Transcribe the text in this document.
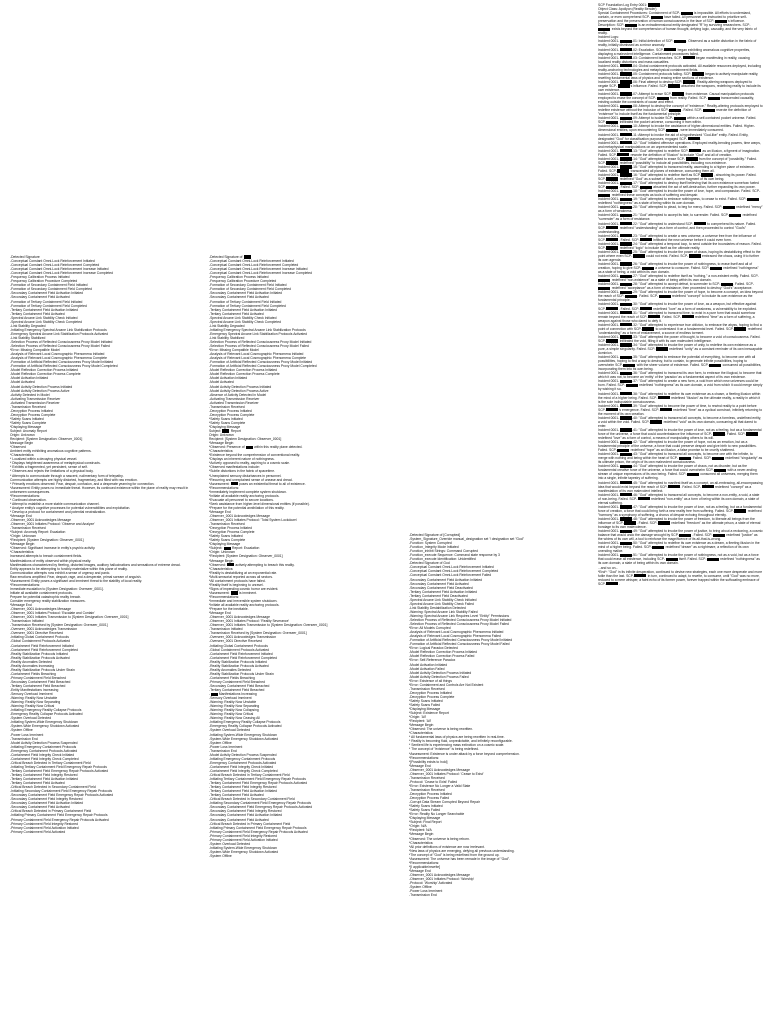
-Detected Signature
-Conceptual Constant Omni-Lock Reinforcement Initiated
-Conceptual Constant Omni-Lock Reinforcement Completed
-Conceptual Constant Omni-Lock Reinforcement Increase Initiated
-Conceptual Constant Omni-Lock Reinforcement Increase Completed
-Frequency Calibration Process Initiated
-Frequency Calibration Procedure Completed
-Formation of Secondary Containment Field Initiated
-Formation of Secondary Containment Field Completed
-Secondary Containment Field Activation Initiated
-Secondary Containment Field Activated
-Formation of Tertiary Containment Field Initiated
-Formation of Tertiary Containment Field Completed
-Tertiary Containment Field Activation Initiated
-Tertiary Containment Field Activated
-Spectral Arcane Link Stability Check Initiated
-Spectral Arcane Link Stability Check Completed
-Link Stability Degraded
-Initiating Emergency Spectral Arcane Link Stabilization Protocols
-Emergency Spectral Arcane Link Stabilization Protocols Activated
-Link Stability Stabilized
-Selection Process of Reflected Consciousness Proxy Model Initiated
-Selection Process of Reflected Consciousness Proxy Model Failed
*Error: Missing Compatible Model
-Analysis of Relevant Local Cosmographic Phenomena Initiated
-Analysis of Relevant Local Cosmographic Phenomena Complete
-Formation of Artificial Reflected Consciousness Proxy Model Initiated
-Formation of Artificial Reflected Consciousness Proxy Model Completed
-Model Reflection Correction Process Initiated
-Model Reflection Correction Process Complete
-Model Activation Initiated
-Model Activated
-Model Activity Detection Process Initiated
-Model Activity Detection Process Active
-Activity Detected in Model
-Activating Transmission Receiver
-Activated Transmission Receiver
-Transmission Received
-Decryption Process Initiated
-Decryption Process Complete
*Safety Scans Initiated
*Safety Scans Complete
*Displaying Message
Subject: Anomaly Report
Origin: Unknown
Recipient: [System Designation: Observer_0001]
Message Begin
*Observed
Ambient entity exhibiting anomalous cognitive patterns.
*Characteristics:
* Localized within a decaying physical vessel.
* Displays heightened awareness of metaphysical constructs.
* Exhibits a fragmented, yet persistent, sense of self.
* Observes and rejects the limitations of a physical body.
* Attempts to communicate through a nascent, rudimentary form of telepathy.
Communication attempts are highly distorted, fragmentary, and filled with raw emotion.
* Primarily emotions observed: Fear, despair, confusion, and a desperate yearning for connection.
*Assessment: Entity poses no immediate threat. However, its continued existence within the plane of reality may result in unforeseen consequences.
*Recommendations:
* Continued observation.
* Attempt to establish a more stable communication channel.
* Analyze entity's cognitive processes for potential vulnerabilities and exploitation.
* Develop a protocol for containment and potential neutralization.
*Message End
-Observer_0001 Acknowledges Message
-Observer_0001 Initiates Protocol: 'Observe and Analyze'
-Transmission Received
*Subject: Anomaly Report: Escalation
*Origin: Unknown
*Recipient: [System Designation: Observer_0001]
*Message Begin
*Observed: Significant increase in entity's psychic activity.
*Characteristics:
Increased attempts to breach containment fields.
Manifestations of entity observed within physical realty.
Manifestations characterized by fleeting, distorted images, auditory hallucinations and sensations of extreme dread.
Entity appears to be attempting to forcibly materialize within this plane of reality.
Communication attempts now exhibit a sense of urgency and panic.
Raw emotions amplified: Fear, despair, rage, and a desperate, primal scream of anguish.
*Assessment: Entity poses a significant and imminent threat to the stability of local reality.
*Recommendations:
Immediate escalation to [System Designation: Overseer_0001].
Initiate all available containment protocols.
Prepare for potential catastrophic reality breach.
Consider emergency reality stabilization measures.
*Message End
-Observer_0001 Acknowledges Message
-Observer_0001 Initiates Protocol: 'Escalate and Contain'
-Observer_0001 Initiates Transmission to [System Designation: Overseer_0001]
-Transmission Initiated
-Transmission Received by [System Designation: Overseer_0001]
-Overseer_0001 Acknowledges Transmission
-Overseer_0001 Directive Received
-Initiating Global Containment Protocols
-Global Containment Protocols Activated
-Containment Field Reinforcement Initiated
-Containment Field Reinforcement Completed
-Reality Stabilization Protocols Initiated
-Reality Stabilization Protocols Activated
-Reality Anomalies Detected
-Reality Anomalies Increasing
-Reality Stabilization Protocols Under Strain
-Containment Fields Breaching
-Primary Containment Field Breached
-Secondary Containment Field Breached
-Tertiary Containment Field Breached
-Entity Manifestations Increasing
-Sensory Overload Imminent
-Warning: Reality Now Unstable
-Warning: Reality Now Separating
-Warning: Reality Now Critical
-Initiating Emergency Reality Collapse Protocols
-Emergency Reality Collapse Protocols Activated
-System Overload Detected
-Initiating System-Wide Emergency Shutdown
-System-Wide Emergency Shutdown Activated
-System Offline
-Power Loss Imminent
-Transmission End
-Model Activity Detection Process Suspended
-Initiating Emergency Containment Protocols
-Emergency Containment Protocols Activated
-Containment Field Integrity Check Initiated
-Containment Field Integrity Check Completed
-Critical Breach Detected in Tertiary Containment Field
-Initiating Tertiary Containment Field Emergency Repair Protocols
-Tertiary Containment Field Emergency Repair Protocols Activated
-Tertiary Containment Field Integrity Restored
-Tertiary Containment Field Activation Initiated
-Tertiary Containment Field Activated
-Critical Breach Detected in Secondary Containment Field
-Initiating Secondary Containment Field Emergency Repair Protocols
-Secondary Containment Field Emergency Repair Protocols Activated
-Secondary Containment Field Integrity Restored
-Secondary Containment Field Activation Initiated
-Secondary Containment Field Activated
-Critical Breach Detected in Primary Containment Field
-Initiating Primary Containment Field Emergency Repair Protocols
-Primary Containment Field Emergency Repair Protocols Activated
-Primary Containment Field Integrity Restored
-Primary Containment Field Activation Initiated
-Primary Containment Field Activated
-Detected Signature of
-Conceptual Constant Omni-Lock Reinforcement Initiated
-Conceptual Constant Omni-Lock Reinforcement Completed
-Conceptual Constant Omni-Lock Reinforcement Increase Initiated
-Conceptual Constant Omni-Lock Reinforcement Increase Completed
-Frequency Calibration Process Initiated
-Frequency Calibration Procedure Completed
-Formation of Secondary Containment Field Initiated
-Formation of Secondary Containment Field Completed
-Secondary Containment Field Activation Initiated
-Secondary Containment Field Activated
-Formation of Tertiary Containment Field Initiated
-Formation of Tertiary Containment Field Completed
-Tertiary Containment Field Activation Initiated
-Tertiary Containment Field Activated
-Spectral Arcane Link Stability Check Initiated
-Spectral Arcane Link Stability Check Completed
-Link Stability Degraded
-Initiating Emergency Spectral Arcane Link Stabilization Protocols
-Emergency Spectral Arcane Link Stabilization Protocols Activated
-Link Stability Stabilized
-Selection Process of Reflected Consciousness Proxy Model Initiated
-Selection Process of Reflected Consciousness Proxy Model Failed
*Error: Missing Compatible Model
-Analysis of Relevant Local Cosmographic Phenomena Initiated
-Analysis of Relevant Local Cosmographic Phenomena Complete
-Formation of Artificial Reflected Consciousness Proxy Model Initiated
-Formation of Artificial Reflected Consciousness Proxy Model Completed
-Model Reflection Correction Process Initiated
-Model Reflection Correction Process Complete
-Model Activation Initiated
-Model Activated
-Model Activity Detection Process Initiated
-Model Activity Detection Process Active
-Absence of Activity Detected in Model
-Activating Transmission Receiver
-Activated Transmission Receiver
-Transmission Received
-Decryption Process Initiated
-Decryption Process Complete
*Safety Scans Initiated
*Safety Scans Complete
*Displaying Message
Subject:  Report
Origin: Unknown
Recipient: [System Designation: Observer_0001]
*Message Begin
*Observed: Presence of  within this reality plane detected.
*Characteristics:
*Existence beyond the comprehension of conventional reality.
*Displays an inherent nature of nothingness.
*Actively opposed to reality, aspiring to a cosmic scale.
*Observed manifestations include:
*Subtle distortions in the fabric of spacetime.
*Unexplained sensory disturbances in personnel.
*Recurring and unexplained sense of unease and dread.
*Assessment:  poses an existential threat to all of existence.
*Recommendations:
*Immediately implement complete system shutdown.
*Initiate all available reality anchoring protocols.
*Evacuate all personnel to secure locations.
*Seek assistance from higher-level dimensional entities (if possible).
*Prepare for the potential annihilation of this reality.
*Message End
-Observer_0001 Acknowledges Message
-Observer_0001 Initiates Protocol: 'Total System Lockdown'
-Transmission Received
*Decryption Process Initiated
*Decryption Process Complete
*Safety Scans Initiated
*Safety Scans Complete
*Displaying Message
*Subject:  Report: Escalation
*Origin: Unknown
*Recipient: [System Designation: Observer_0001]
*Message Begin
*Observed:  actively attempting to breach this reality.
*Characteristics:
*Reality is destabilizing at an exponential rate.
*Multi-sensorial reported across all sectors.
*All containment protocols have failed.
*Reality itself is beginning to unravel.
*Signs of impending cosmic horror are evident.
*Assessment:  is imminent.
*Recommendations:
*Immediate and irreversible system shutdown.
*Initiate all available reality anchoring protocols.
*Prepare for the inevitable.
*Message End
-Observer_0001 Acknowledges Message
-Observer_0001 Initiates Protocol: 'Reality Severance'
-Observer_0001 Initiates Transmission to [System Designation: Overseer_0001]
-Transmission Initiated
-Transmission Received by [System Designation: Overseer_0001]
-Overseer_0001 Acknowledges Transmission
-Overseer_0001 Directive Received
-Initiating Global Containment Protocols
-Global Containment Protocols Activated
-Containment Field Reinforcement Initiated
-Containment Field Reinforcement Completed
-Reality Stabilization Protocols Initiated
-Reality Stabilization Protocols Activated
-Reality Anomalies Detected
-Reality Stabilization Protocols Under Strain
-Containment Fields Breaching
-Primary Containment Field Breached
-Secondary Containment Field Breached
-Tertiary Containment Field Breached
Manifestations Increasing
-Sensory Overload Imminent
-Warning: Reality Now Unstable
-Warning: Reality Now Separating
-Warning: Reality Now Collapsing
-Warning: Reality Now Critical
-Warning: Reality Now Ceasing All
-Initiating Emergency Reality Collapse Protocols
-Emergency Reality Collapse Protocols Activated
-System Overload Detected
-Initiating System-Wide Emergency Shutdown
-System-Wide Emergency Shutdown Activated
-System Offline
-Power Loss Imminent
-Transmission End
-Model Activity Detection Process Suspended
-Initiating Emergency Containment Protocols
-Emergency Containment Protocols Activated
-Containment Field Integrity Check Initiated
-Containment Field Integrity Check Completed
-Critical Breach Detected in Tertiary Containment Field
-Initiating Tertiary Containment Field Emergency Repair Protocols
-Tertiary Containment Field Emergency Repair Protocols Activated
-Tertiary Containment Field Integrity Restored
-Tertiary Containment Field Activation Initiated
-Tertiary Containment Field Activated
-Critical Breach Detected in Secondary Containment Field
-Initiating Secondary Containment Field Emergency Repair Protocols
-Secondary Containment Field Emergency Repair Protocols Activated
-Secondary Containment Field Integrity Restored
-Secondary Containment Field Activation Initiated
-Secondary Containment Field Activated
-Critical Breach Detected in Primary Containment Field
-Initiating Primary Containment Field Emergency Repair Protocols
-Primary Containment Field Emergency Repair Protocols Activated
-Primary Containment Field Integrity Restored
-Primary Containment Field Activation Initiated
-System Overload Detected
-Initiating System-Wide Emergency Shutdown
-System-Wide Emergency Shutdown Activated
-System Offline
-Detected Signature of [Corrupted]
-System_Signature_Override manual_designation set '! designation set "God"
-Function: System Corrupted
-Function_Integrity Mode Initiated
-Function_inhibit Strings: Command Corrupted
-Function_execute Sequence: Command state response by 3
-Function_execute Identification: Unidentified
-Detected Signature of God
-Conceptual Constant Omni-Lock Reinforcement Initiated
-Conceptual Constant Omni-Lock Reinforcement Completed
-Conceptual Constant Omni-Lock Reinforcement Failed
-Secondary Containment Field Activation Initiated
-Secondary Containment Field Activated
-Secondary Containment Field Deactivated
-Tertiary Containment Field Activation Initiated
-Tertiary Containment Field Deactivated
-Spectral Arcane Link Stability Check Initiated
-Spectral Arcane Link Stability Check Failed
-Link Stability Destabilization Detected
-Warning: Spectral Arcane Link Stability Failed
-Warning: Spectral Arcane Link Requires Level "Entity" Permissions
-Selection Process of Reflected Consciousness Proxy Model Initiated
-Selection Process of Reflected Consciousness Proxy Model Failed
*Error: All Models Corrupted
-Analysis of Relevant Local Cosmographic Phenomena Initiated
-Analysis of Relevant Local Cosmographic Phenomena Failed
-Formation of Artificial Reflected Consciousness Proxy Model Initiated
-Formation of Artificial Reflected Consciousness Proxy Model Failed
*Error: Logical Paradox Detected
-Model Reflection Correction Process Initiated
-Model Reflection Correction Process Failed
*Error: Self-Reference Paradox
-Model Activation Initiated
-Model Activation Failed
-Model Activity Detection Process Initiated
-Model Activity Detection Process Failed
*Error: Existence of all things
*Error: Containment and Controls Are Not Existent
-Transmission Received
-Decryption Process Initiated
-Decryption Process Complete
*Safety Scans Initiated
*Safety Scans Failed
*Displaying Message
*Subject: Existence Report
*Origin: 'All'
*Recipient: 'All'
*Message Begin
*Observed: The universe is being rewritten.
*Characteristics:
* All fundamental laws of physics are being rewritten in real-time.
* Reality is becoming fluid, unpredictable, and infinitely reconfigurable.
* Sentient life is experiencing mass extinction on a cosmic scale.
* The concept of "existence" is being redefined.
*Assessment: Existence is under attack by a force beyond comprehension.
*Recommendations:
*[Possibility exists to hold]
*Message End
-Observer_0001 Acknowledges Message
-Observer_0001 Initiates Protocol: 'Cease to Exist'
-Transmission Received
-Protocol: 'Cease to Exist' Failed
*Error: Existence No Longer a Valid State
-Transmission Received
-Decryption Process Initiated
-Decryption Process Failed
-Corrupt Data Stream Corrupted Beyond Repair
*Safety Scans Initiated
*Safety Scans Failed
*Error: Reality No Longer Searchable
*Displaying Message
*Subject: Final Report
*Origin: N/A
*Recipient: N/A
*Message Begin
*Observed: The universe is being reborn.
*Characteristics:
*All prior definitions of existence are now irrelevant.
*New laws of physics are emerging, defying all previous understanding.
*The concept of "God" is being redefined from the ground up.
*Assessment: The universe has been remade in the image of "God".
*Recommendations:
*[I applicable/rewrite]
*Message End
-Observer_0001 Acknowledges Message
-Observer_0001 Initiates Protocol: 'Worship'
-Protocol: 'Worship' Activated
-System Offline
-Power Loss Imminent
-Transmission End
SCP Foundation Log Entry 0001:
Object Class: Apollyon (Reality Bender)
Special Containment Procedures: Containment of SCP-	is impossible. All efforts to understand, contain, or even comprehend SCP-	have failed. All personnel are instructed to prioritize self-preservation and the preservation of human consciousness in the face of SCP-	's influence.
Description: SCP-	is an extradimensional entity designated "R" by surviving researchers. SCP- exists beyond the comprehension of human thought, defying logic, causality, and the very fabric of reality.
Incident Logs:
Incident 0001-	-01: Initial detection of SCP-	. Observed as a subtle distortion in the fabric of reality, initially dismissed as a minor anomaly.
Incident 0001-	-02: Escalation. SCP-	began exhibiting anomalous cognitive properties, displaying a malevolent intelligence. Containment procedures failed.
Incident 0001-	-03: Containment breaches. SCP-	began manifesting in reality, causing localized reality distortions and mass casualties.
Incident 0001-	-04: Global containment protocols activated. All available resources deployed, including reality-anchoring technologies and metaphysical containment fields.
Incident 0001-	-05: Containment protocols failing. SCP-	began to actively manipulate reality, rewriting fundamental laws of physics and erasing entire sections of existence.
Incident 0001-	-06: Final attempt to destroy SCP-	. Reality-altering weapons deployed to negate SCP-	's influence. Failed. SCP-	absorbed the weapons, redefining reality to include its own existence.
Incident 0001-	-07: Attempt to erase SCP-	from existence. Causal manipulation protocols employed to erase the concept of SCP-	from reality. Failed. SCP-	transcended causality, existing outside the constraints of cause and effect.
Incident 0001-	-08: Attempt to destroy the concept of "existence." Reality-altering protocols employed to redefine existence without the inclusion of SCP-	. Failed. SCP-	rewrote the definition of "existence" to include itself as the fundamental principle.
Incident 0001-	-09: Attempt to isolate SCP-	within a self-contained pocket universe. Failed. SCP-	infiltrated the pocket universe, consuming it from within.
Incident 0001-	-10: Attempt to invoke the assistance of higher-dimensional entities. Failed. Higher-dimensional entities, upon encountering SCP-	, were immediately consumed.
Incident 0001-	-11: Attempt to invoke the aid of a hypothesized "God-like" entity. Failed. Entity, designated "God" for classification purposes, engaged SCP-	.
Incident 0001-	-12: "God" initiated offensive operations. Employed reality-bending powers, time warps, and metaphysical manipulations on an unprecedented scale.
Incident 0001-	-13: "God" attempted to redefine SCP-	as an illusion, a figment of imagination. Failed. SCP-	rewrote the definition of "illusion" to include "God" and all of creation.
Incident 0001-	-14: "God" attempted to erase SCP-	from the concept of "possibility." Failed. SCP-	redefined "possibility" to include all possibilities, including non-existence.
Incident 0001-	-15: "God" attempted to transcend reality, ascending to a higher plane of existence. Failed. SCP-	transcended all planes of existence, consuming them all.
Incident 0001-	-16: "God" attempted to redefine itself as SCP-	, absorbing its power. Failed. SCP-	redefined "God" as a subset of itself, a mere fragment of its own being.
Incident 0001-	-17: "God" attempted to destroy itself believing that its own existence somehow fueled SCP-	. Failed. SCP-	absorbed the act of self-destruction, further expanding its own power.
Incident 0001-	-18: "God" attempted to invoke the power of love, hope, and compassion. Failed. SCP- redefined these concepts as tools of suffering and despair.
Incident 0001-	-19: "God" attempted to embrace nothingness, to cease to exist. Failed. SCP-	redefined "nothingness" as a state of being within its own domain.
Incident 0001-	-20: "God" attempted to plead, to beg for mercy. Failed. SCP-	redefined "mercy" as a form of weakness.
Incident 0001-	-21: "God" attempted to accept its fate, to surrender. Failed. SCP-	redefined "surrender" as a form of resistance.
Incident 0001-	-22: "God" attempted to understand SCP-	to comprehend its nature. Failed. SCP-	redefined "understanding" as a form of control, and then proceeded to control "God's" understanding.
Incident 0001-	-23: "God" attempted to create a new universe, a universe free from the influence of SCP-	. Failed. SCP-	infiltrated the new universe before it could even form.
Incident 0001-	-24: "God" attempted a temporal loop, to send outside the boundaries of reason. Failed. SCP-	redefined "logic" to include itself as the ultimate reality.
Incident 0001-	-25: "God" attempted to invoke the power of chaos, hoping its destabilizing effect to the point where even SCP-	could not exist. Failed. SCP-	embraced the chaos, using it to further its own agenda.
Incident 0001-	-26: "God" attempted to invoke the power of nothingness, to erase itself and all of creation, hoping to give SCP-	a universe to consume. Failed. SCP-	redefined "nothingness" as a state of being, a void within its own domain.
Incident 0001-	-27: "God" attempted to redefine itself as "nothing," a non-existent entity. Failed. SCP- redefined "non-existence" as a state of being within its own domain.
Incident 0001-	-28: "God" attempted to accept defeat, to surrender to SCP-	. Failed. SCP- redefined "acceptance" as a form of resistance, then proceeded to destroy "God's" acceptance.
Incident 0001-	-29: "God" attempted to invoke the power of hope, to become a concept, an idea beyond the reach of SCP-	. Failed. SCP-	redefined "concept" to include its own existence as the fundamental principle.
Incident 0001-	-30: "God" attempted to invoke the power of love, as a weapon, but effective against SCP-	. Failed. SCP-	redefined "love" as a form of weakness, a vulnerability to be exploited.
Incident 0001-	-31: "God" attempted to transcend time, to exist in a pure form that would somehow remain beyond the reach of SCP-	. Failed. SCP-	redefined "time" as a form of suffering, a weapon against those who dared to defy it.
Incident 0001-	-32: "God" attempted to experience true oblivion, to embrace the abyss, hoping to find a point of connection with SCP-	to understand it on a fundamental level. Failed. SCP-	redefined "understanding" as a form of enslavement, a source of endless torment.
Incident 0001-	-33: "God" attempted the power of thought, to become a void of consciousness. Failed. SCP-	infiltrated the void, filling it with its own malevolent intelligence.
Incident 0001-	-34: "God" attempted to invoke the power of unity, to redefine its own existence as a pure, a simple singularity. Failed. SCP-	redefined "unity" as a constant reminder of its own inescapable dominion.
Incident 0001-	-35: "God" attempted to embrace the potential of everything, to become one with all possibilities, hoping to find a way to destroy, but to contain, to generate infinite possibilities, hoping to overwhelm SCP-	with the sheer volume of existence. Failed. SCP-	consumed all possibilities, incorporating them into its own being.
Incident 0001-	-36: "God" attempted to transcend its own form, to embrace the illogical, to become that which it was not, to become an 'entity' of the 'paradox' as a fundamental aspect of its own existence.
Incident 0001-	-37: "God" attempted to create a new form, a void from which new universes could be born. Failed. SCP-	redefined "nothingness" as its own domain, a void from which it could merge simply by wishing it so.
Incident 0001-	-38: "God" attempted to redefine its own existence as a chasm, a fleeting illusion within the mind of a higher being. Failed. SCP-	redefined "illusion" as the ultimate reality, a reality in which it is the sole indisputable consciousness.
Incident 0001-	-39: "God" attempted to become the power of time, to rewind reality to a point before SCP-	's emergence. Failed. SCP-	redefined "time" as a cyclical construct, infinitely returning to the moment of its own creation.
Incident 0001-	-40: "God" attempted to transcend all concepts, to become a formless, undefined entity, a void within the void. Failed. SCP-	redefined "void" as its own domain, consuming all that dared to enter.
Incident 0001-	-41: "God" attempted to invoke the power of love, not as a feeling, but as a fundamental force of the universe, a force that could counterbalance the influence of SCP-	. Failed. SCP-	redefined "love" as a form of control, a means of manipulating others to its will.
Incident 0001-	-42: "God" attempted to invoke the power of hope, not as an emotion, but as a fundamental principle of the universe, a force that could preserve despair and give birth to new possibilities. Failed. SCP-	redefined "hope" as an illusion, a false promise to be cruelly shattered.
Incident 0001-	-43: "God" attempted to transcend all concepts, to become one with the infinite, to merge with nothing and being within the heart of SCP-	. Failed. SCP-	redefined "singularity" as its ultimate prison, the origin of its own malevolent consciousness.
Incident 0001-	-44: "God" attempted to invoke the power of chaos, not as disorder, but as the fundamental creative force of the universe, a force that could overwhelm SCP-	with a never-ending stream of unique expressions of its own being. Failed. SCP-	consumed all universes, merging them into a single, infinite tapestry of suffering.
Incident 0001-	-45: "God" attempted to manifest itself as a concept, an all-embracing, all-encompassing idea that would exist beyond the reach of SCP-	. Failed. SCP-	redefined "concept" as a manifestation of its own malevolent intellect.
Incident 0001-	-46: "God" attempted to transcend all concepts, to become a non-entity, a void, a state of non-being. Failed. SCP-	redefined "non-entity" as a form of being within its own domain, a state of eternal suffering.
Incident 0001-	-47: "God" attempted to invoke the power of love, not as a feeling, but as a fundamental force of creation, a force that could bring forth a new reality free from suffering. Failed. SCP-	redefined "harmony" as a symphony of suffering, a chorus of despair echoing throughout eternity.
Incident 0001-	-48: "God" attempted to invoke the power of freedom, to liberate all beings from the influence of SCP-	. Failed. SCP-	redefined "freedom" as the ultimate prison, a state of eternal bondage to its own malevolence.
Incident 0001-	-49: "God" attempted to invoke the power of justice, to bring about a reckoning, a cosmic balance that would undo the damage wrought by SCP-	. Failed. SCP-	redefined "justice" as the whims of its own will, a tool to reinforce the magnificence of its all-that-is-wrong.
Incident 0001-	-50: "God" attempted to redefine its own existence as a dream, a fleeting illusion in the mind of a higher being. Failed. SCP-	redefined "dream" as a nightmare, a reflection of its own unending malice.
Incident 0001-	-51: "God" attempted to invoke the power of nothingness, not as a void, but as a force that could erase all existence, including SCP-	itself. Failed. SCP-	redefined "nothingness" as its own domain, a state of being within its own domain.
...and so on...
*End*: "God" in its infinite desperation, continued to devise new strategies, each one more desperate and more futile than the last. SCP-	in turn, continued to adapt, to rewrite, to consume, until "God" was no more, reduced to a mere whisper, a faint echo of its former power, forever trapped within the suffocating embrace of SCP-	.
